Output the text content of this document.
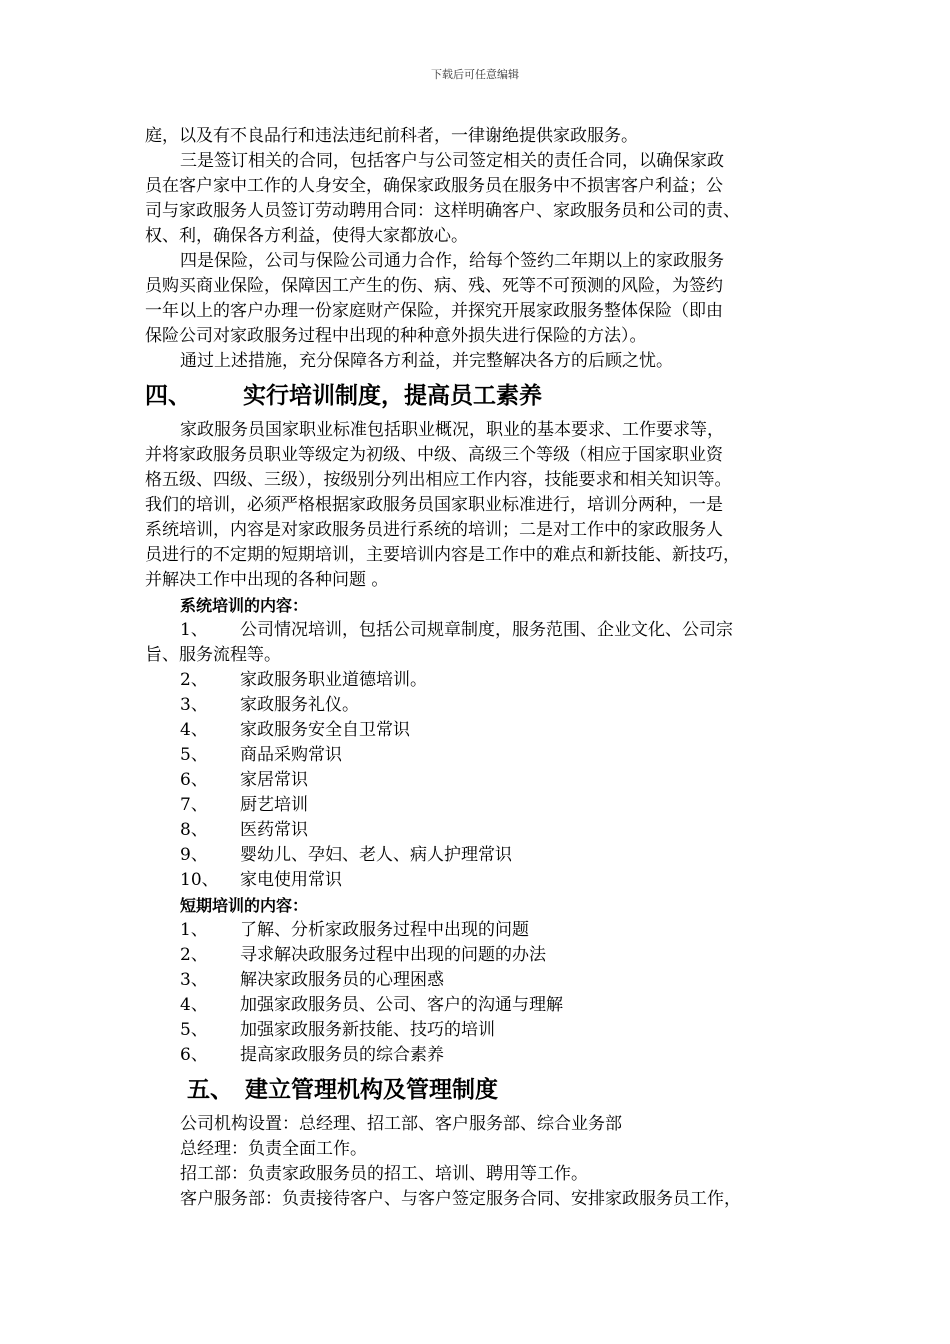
下载后可任意编辑
庭，以及有不良品行和违法违纪前科者，一律谢绝提供家政服务。
三是签订相关的合同，包括客户与公司签定相关的责任合同，以确保家政
员在客户家中工作的人身安全，确保家政服务员在服务中不损害客户利益；公
司与家政服务人员签订劳动聘用合同：这样明确客户、家政服务员和公司的责、
权、利，确保各方利益，使得大家都放心。
四是保险，公司与保险公司通力合作，给每个签约二年期以上的家政服务
员购买商业保险，保障因工产生的伤、病、残、死等不可预测的风险，为签约
一年以上的客户办理一份家庭财产保险，并探究开展家政服务整体保险（即由
保险公司对家政服务过程中出现的种种意外损失进行保险的方法）。
通过上述措施，充分保障各方利益，并完整解决各方的后顾之忧。
四、 实行培训制度，提高员工素养
家政服务员国家职业标准包括职业概况，职业的基本要求、工作要求等，
并将家政服务员职业等级定为初级、中级、高级三个等级（相应于国家职业资
格五级、四级、三级），按级别分列出相应工作内容，技能要求和相关知识等。
我们的培训，必须严格根据家政服务员国家职业标准进行，培训分两种，一是
系统培训，内容是对家政服务员进行系统的培训；二是对工作中的家政服务人
员进行的不定期的短期培训，主要培训内容是工作中的难点和新技能、新技巧，
并解决工作中出现的各种问题 。
系统培训的内容：
1、 公司情况培训，包括公司规章制度，服务范围、企业文化、公司宗
旨、服务流程等。
2、 家政服务职业道德培训。
3、 家政服务礼仪。
4、 家政服务安全自卫常识
5、 商品采购常识
6、 家居常识
7、 厨艺培训
8、 医药常识
9、 婴幼儿、孕妇、老人、病人护理常识
10、 家电使用常识
短期培训的内容：
1、 了解、分析家政服务过程中出现的问题
2、 寻求解决政服务过程中出现的问题的办法
3、 解决家政服务员的心理困惑
4、 加强家政服务员、公司、客户的沟通与理解
5、 加强家政服务新技能、技巧的培训
6、 提高家政服务员的综合素养
五、 建立管理机构及管理制度
公司机构设置：总经理、招工部、客户服务部、综合业务部
总经理：负责全面工作。
招工部：负责家政服务员的招工、培训、聘用等工作。
客户服务部：负责接待客户、与客户签定服务合同、安排家政服务员工作，
